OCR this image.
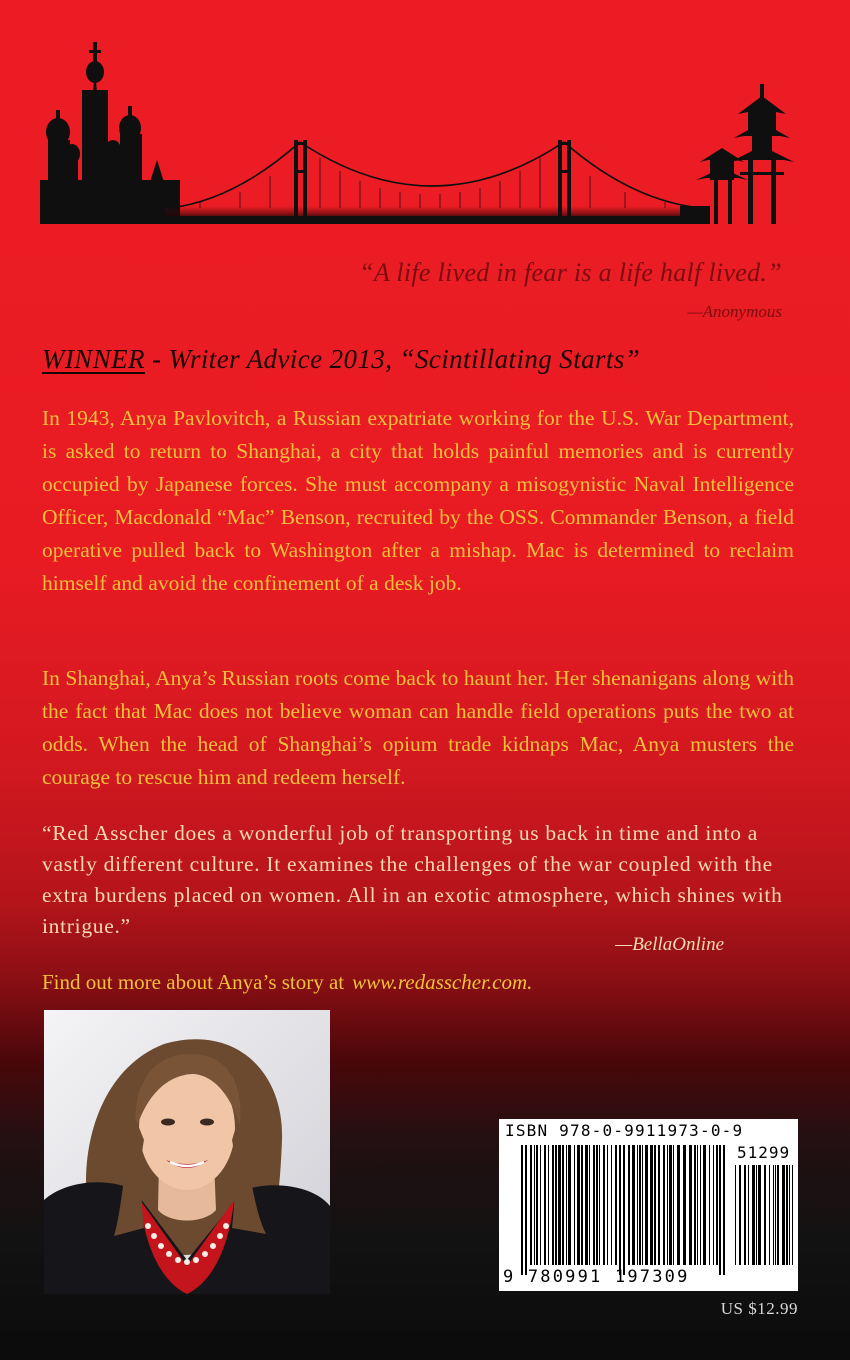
“A life lived in fear is a life half lived.”
—Anonymous
WINNER - Writer Advice 2013, “Scintillating Starts”

In 1943, Anya Pavlovitch, a Russian expatriate working for the U.S. War Department, is asked to return to Shanghai, a city that holds painful memories and is currently occupied by Japanese forces. She must accompany a misogynistic Naval Intelligence Officer, Macdonald “Mac” Benson, recruited by the OSS. Commander Benson, a field operative pulled back to Washington after a mishap. Mac is determined to reclaim himself and avoid the confinement of a desk job.

In Shanghai, Anya’s Russian roots come back to haunt her. Her shenanigans along with the fact that Mac does not believe woman can handle field operations puts the two at odds. When the head of Shanghai’s opium trade kidnaps Mac, Anya musters the courage to rescue him and redeem herself.

“Red Asscher does a wonderful job of transporting us back in time and into a vastly different culture. It examines the challenges of the war coupled with the extra burdens placed on women. All in an exotic atmosphere, which shines with intrigue.”

—BellaOnline
Find out more about Anya’s story at www.redasscher.com.
ISBN 978-0-9911973-0-9
51299
9 780991 197309
US $12.99
